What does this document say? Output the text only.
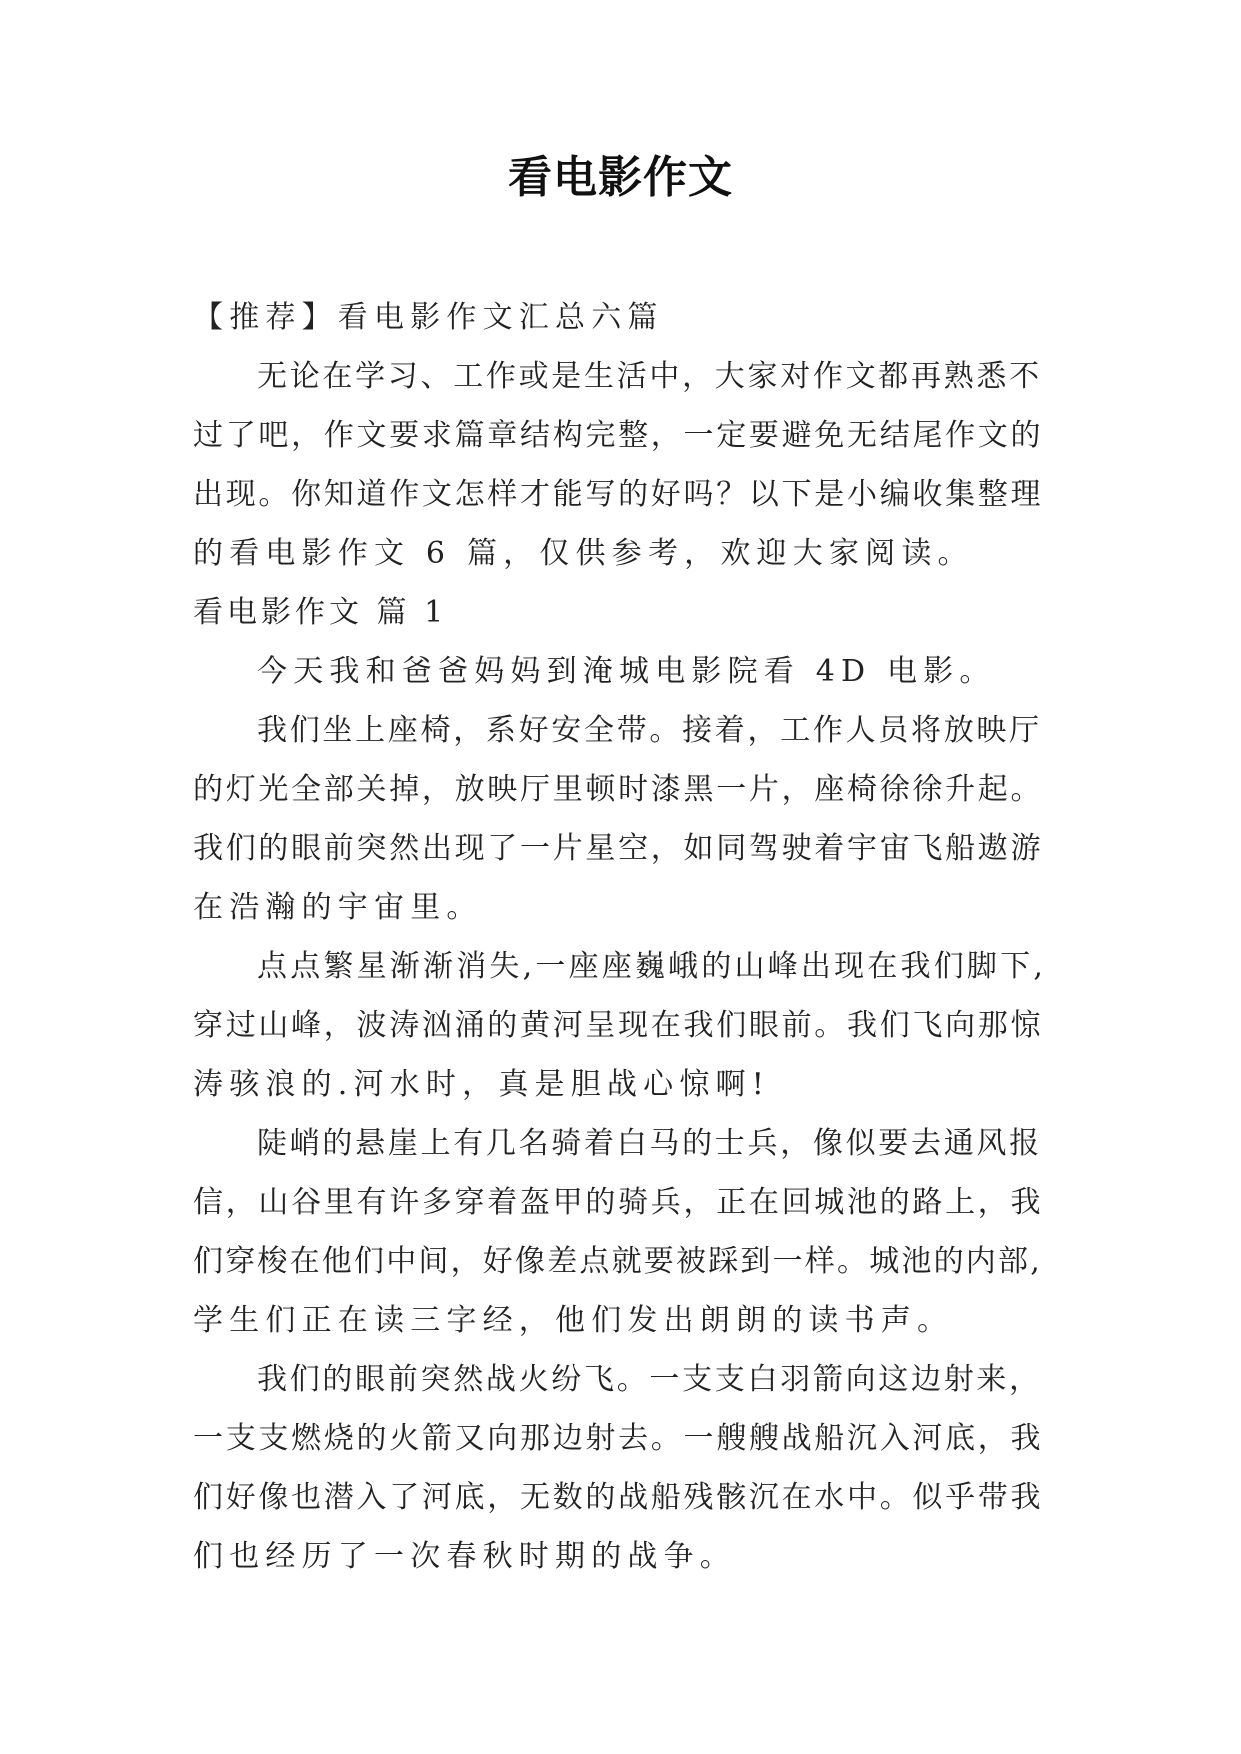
看电影作文
【推荐】看电影作文汇总六篇
无论在学习、工作或是生活中，大家对作文都再熟悉不
过了吧，作文要求篇章结构完整，一定要避免无结尾作文的
出现。你知道作文怎样才能写的好吗？以下是小编收集整理
的看电影作文 6 篇，仅供参考，欢迎大家阅读。
看电影作文 篇 1
今天我和爸爸妈妈到淹城电影院看 4D 电影。
我们坐上座椅，系好安全带。接着，工作人员将放映厅
的灯光全部关掉，放映厅里顿时漆黑一片，座椅徐徐升起。
我们的眼前突然出现了一片星空，如同驾驶着宇宙飞船遨游
在浩瀚的宇宙里。
点点繁星渐渐消失,一座座巍峨的山峰出现在我们脚下,
穿过山峰，波涛汹涌的黄河呈现在我们眼前。我们飞向那惊
涛骇浪的.河水时，真是胆战心惊啊!
陡峭的悬崖上有几名骑着白马的士兵，像似要去通风报
信，山谷里有许多穿着盔甲的骑兵，正在回城池的路上，我
们穿梭在他们中间，好像差点就要被踩到一样。城池的内部,
学生们正在读三字经，他们发出朗朗的读书声。
我们的眼前突然战火纷飞。一支支白羽箭向这边射来，
一支支燃烧的火箭又向那边射去。一艘艘战船沉入河底，我
们好像也潜入了河底，无数的战船残骸沉在水中。似乎带我
们也经历了一次春秋时期的战争。
